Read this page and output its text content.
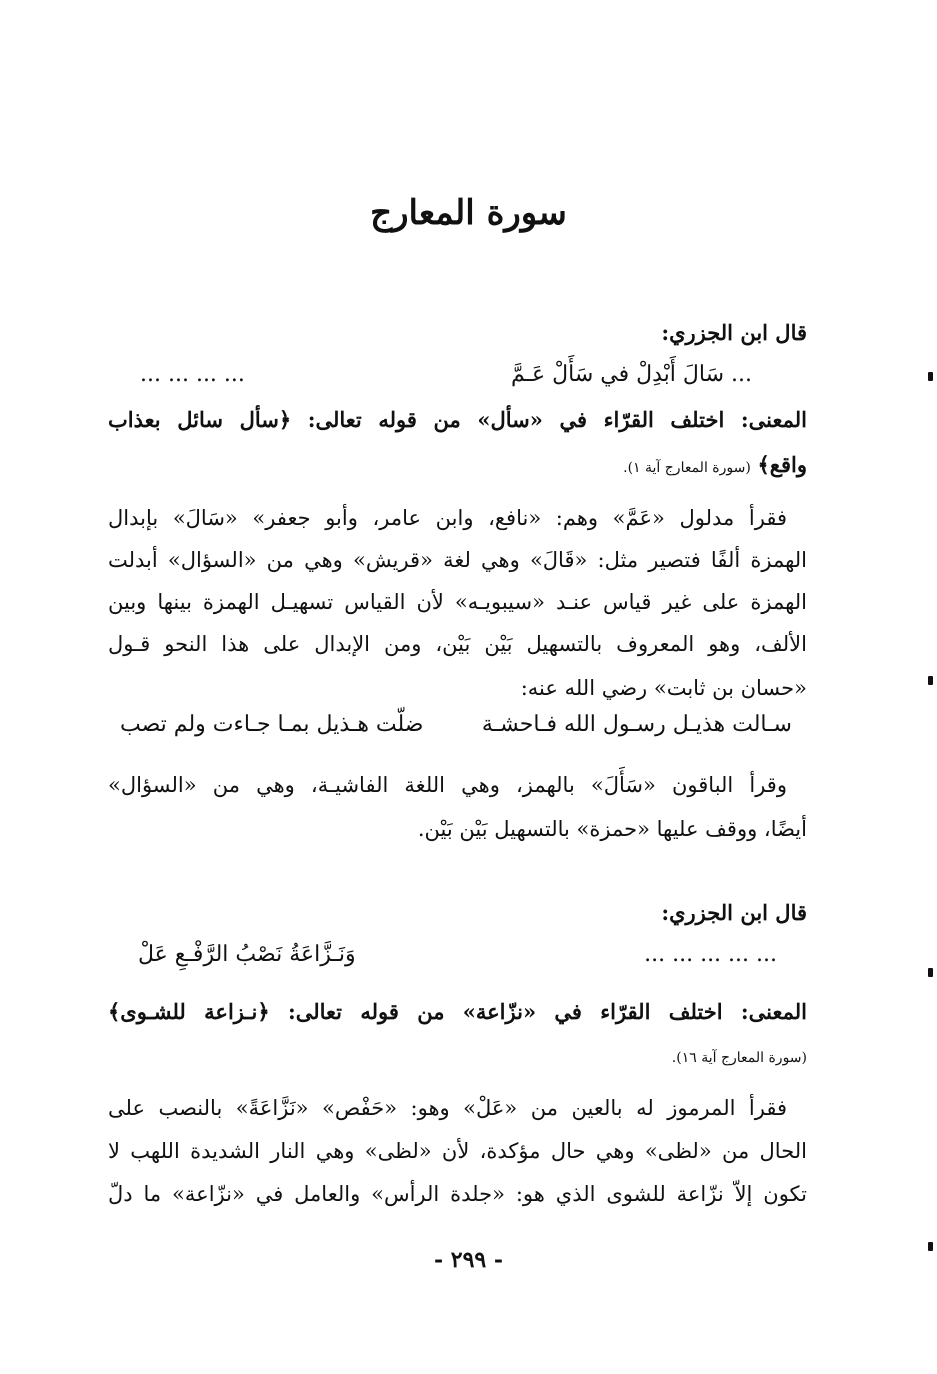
سورة المعارج
قال ابن الجزري:
... سَالَ أَبْدِلْ في سَأَلْ عَـمَّ
... ... ... ...
المعنى: اختلف القرّاء في «سأل» من قوله تعالى: ﴿سأل سائل بعذاب
واقع﴾ (سورة المعارج آية ١).
فقرأ مدلول «عَمَّ» وهم: «نافع، وابن عامر، وأبو جعفر» «سَالَ» بإبدال
الهمزة ألفًا فتصير مثل: «قَالَ» وهي لغة «قريش» وهي من «السؤال» أبدلت
الهمزة على غير قياس عنـد «سيبويـه» لأن القياس تسهيـل الهمزة بينها وبين
الألف، وهو المعروف بالتسهيل بَيْن بَيْن، ومن الإبدال على هذا النحو قـول
«حسان بن ثابت» رضي الله عنه:
سـالت هذيـل رسـول الله فـاحشـة
ضلّت هـذيل بمـا جـاءت ولم تصب
وقرأ الباقون «سَأَلَ» بالهمز، وهي اللغة الفاشيـة، وهي من «السؤال»
أيضًا، ووقف عليها «حمزة» بالتسهيل بَيْن بَيْن.
قال ابن الجزري:
وَنَـزَّاعَةُ نَصْبُ الرَّفْـعِ عَلْ	... ... ... ... ...
المعنى: اختلف القرّاء في «نزّاعة» من قوله تعالى: ﴿نـزاعة للشـوى﴾
(سورة المعارج آية ١٦).
فقرأ المرموز له بالعين من «عَلْ» وهو: «حَفْص» «نَزَّاعَةً» بالنصب على
الحال من «لظى» وهي حال مؤكدة، لأن «لظى» وهي النار الشديدة اللهب لا
تكون إلاّ نزّاعة للشوى الذي هو: «جلدة الرأس» والعامل في «نزّاعة» ما دلّ
- ٢٩٩ -
